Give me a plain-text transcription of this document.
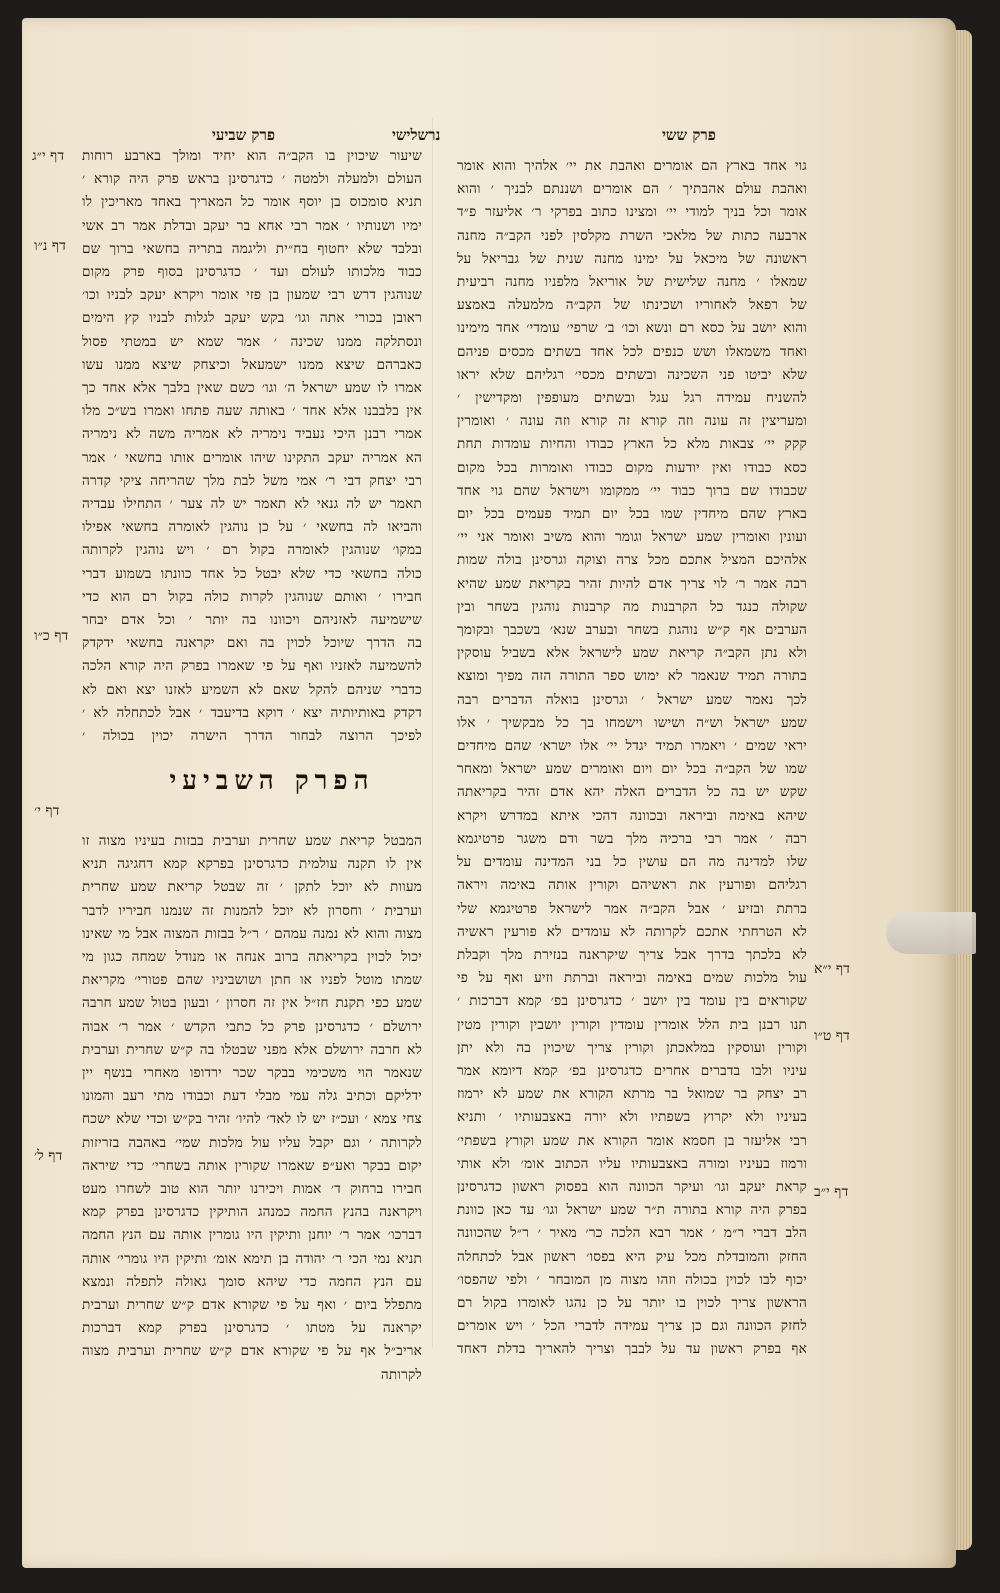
פרק ששי
נרשלישי
פרק שביעי
גוי אחד בארץ הם אומרים ואהבת את יי׳ אלהיך והוא אומר
ואהבת עולם אהבתיך ׳ הם אומרים ושננתם לבניך ׳ והוא
אומר וכל בניך למודי יי׳ ומצינו כתוב בפרקי ר׳ אליעזר פ״ד
ארבעה כתות של מלאכי השרת מקלסין לפני הקב״ה מחנה
ראשונה של מיכאל על ימינו מחנה שנית של גבריאל על
שמאלו ׳ מחנה שלישית של אוריאל מלפניו מחנה רביעית
של רפאל לאחוריו ושכינתו של הקב״ה מלמעלה באמצע
והוא יושב על כסא רם ונשא וכו׳ ב׳ שרפי׳ עומדי׳ אחד מימינו
ואחד משמאלו ושש כנפים לכל אחד בשתים מכסים פניהם
שלא יביטו פני השכינה ובשתים מכסי׳ רגליהם שלא יראו
להשניח עמידה רגל עגל ובשתים מעופפין ומקדישין ׳
ומעריצין זה עונה וזה קורא זה קורא וזה עונה ׳ ואומרין
קקק יי׳ צבאות מלא כל הארץ כבודו והחיות עומדות תחת
כסא כבודו ואין יודעות מקום כבודו ואומרות בכל מקום
שכבודו שם ברוך כבוד יי׳ ממקומו וישראל שהם גוי אחד
בארץ שהם מיחדין שמו בכל יום תמיד פעמים בכל יום
ועונין ואומרין שמע ישראל וגומר והוא משיב ואומר אני יי׳
אלהיכם המציל אתכם מכל צרה וצוקה וגרסינן בולה שמות
רבה אמר ר׳ לוי צריך אדם להיות זהיר בקריאת שמע שהיא
שקולה כנגד כל הקרבנות מה קרבנות נוהגין בשחר ובין
הערבים אף ק״ש נוהגת בשחר ובערב שנא׳ בשכבך ובקומך
ולא נתן הקב״ה קריאת שמע לישראל אלא בשביל עוסקין
בתורה תמיד שנאמר לא ימוש ספר התורה הזה מפיך ומוצא
לכך נאמר שמע ישראל ׳ וגרסינן בואלה הדברים רבה
שמע ישראל וש״ה ושישו וישמחו בך כל מבקשיך ׳ אלו
יראי שמים ׳ ויאמרו תמיד יגדל יי׳ אלו ישרא׳ שהם מיחדים
שמו של הקב״ה בכל יום ויום ואומרים שמע ישראל ומאחר
שקש יש בה כל הדברים האלה יהא אדם זהיר בקריאתה
שיהא באימה וביראה ובכוונה דהכי איתא במדרש ויקרא
רבה ׳ אמר רבי ברכיה מלך בשר ודם משגר פרטיגמא
שלו למדינה מה הם עושין כל בני המדינה עומדים על
רגליהם ופורעין את ראשיהם וקורין אותה באימה ויראה
ברתת ובזיע ׳ אבל הקב״ה אמר לישראל פרטיגמא שלי
לא הטרחתי אתכם לקרותה לא עומדים לא פורעין ראשיה
לא בלכתך בדרך אבל צריך שיקראנה בנזירת מלך וקבלת
עול מלכות שמים באימה וביראה וברתת וזיע ואף על פי
שקוראים בין עומד בין יושב ׳ כדגרסינן בפ׳ קמא דברכות ׳
תנו רבנן בית הלל אומרין עומדין וקורין יושבין וקורין מטין
וקורין ועוסקין במלאכתן וקורין צריך שיכוין בה ולא יתן
עיניו ולבו בדברים אחרים כדגרסינן בפ׳ קמא דיומא אמר
רב יצחק בר שמואל בר מרתא הקורא את שמע לא ירמוז
בעיניו ולא יקרוץ בשפתיו ולא יורה באצבעותיו ׳ ותניא
רבי אליעזר בן חסמא אומר הקורא את שמע וקורץ בשפתי׳
ורמוז בעיניו ומורה באצבעותיו עליו הכתוב אומ׳ ולא אותי
קראת יעקב וגו׳ ועיקר הכוונה הוא בפסוק ראשון כדגרסינן
בפרק היה קורא בתורה ת״ר שמע ישראל וגו׳ עד כאן כוונת
הלב דברי ר״מ ׳ אמר רבא הלכה כר׳ מאיר ׳ ר״ל שהכוונה
החזק והמובדלת מכל עיק היא בפסו׳ ראשון אבל לכתחלה
יכוף לבו לכוין בכולה וזהו מצוה מן המובחר ׳ ולפי שהפסו׳
הראשון צריך לכוין בו יותר על כן נהגו לאומרו בקול רם
לחזק הכוונה וגם כן צריך עמידה לדברי הכל ׳ ויש אומרים
אף בפרק ראשון עד על לבבך וצריך להאריך בדלת דאחד
שיעור שיכוין בו הקב״ה הוא יחיד ומולך בארבע רוחות
העולם ולמעלה ולמטה ׳ כדגרסינן בראש פרק היה קורא ׳
תניא סומכוס בן יוסף אומר כל המאריך באחד מאריכין לו
ימיו ושנותיו ׳ אמר רבי אחא בר יעקב ובדלת אמר רב אשי
ובלבד שלא יחטוף בח״ית וליגמה בתריה בחשאי ברוך שם
כבוד מלכותו לעולם ועד ׳ כדגרסינן בסוף פרק מקום
שנוהגין דרש רבי שמעון בן פזי אומר ויקרא יעקב לבניו וכו׳
ראובן בכורי אתה וגו׳ בקש יעקב לגלות לבניו קץ הימים
ונסתלקה ממנו שכינה ׳ אמר שמא יש במטתי פסול
כאברהם שיצא ממנו ישמעאל וכיצחק שיצא ממנו עשו
אמרו לו שמע ישראל ה׳ וגו׳ כשם שאין בלבך אלא אחד כך
אין בלבבנו אלא אחד ׳ באותה שעה פתחו ואמרו בש״כ מלו
אמרי רבנן היכי נעביד נימריה לא אמריה משה לא נימריה
הא אמריה יעקב התקינו שיהו אומרים אותו בחשאי ׳ אמר
רבי יצחק דבי ר׳ אמי משל לבת מלך שהריחה ציקי קדרה
תאמר יש לה גנאי לא תאמר יש לה צער ׳ התחילו עבדיה
והביאו לה בחשאי ׳ על כן נוהגין לאומרה בחשאי אפילו
במקו׳ שנוהגין לאומרה בקול רם ׳ ויש נוהגין לקרותה
כולה בחשאי כדי שלא יבטל כל אחד כוונתו בשמוע דברי
חבירו ׳ ואותם שנוהגין לקרות כולה בקול רם הוא כדי
שישמיעה לאזניהם ויכוונו בה יותר ׳ וכל אדם יבחר
בה הדרך שיוכל לכוין בה ואם יקראנה בחשאי ידקדק
להשמיעה לאזניו ואף על פי שאמרו בפרק היה קורא הלכה
כדברי שניהם להקל שאם לא השמיע לאזנו יצא ואם לא
דקדק באותיותיה יצא ׳ דוקא בדיעבד ׳ אבל לכתחלה לא ׳
לפיכך הרוצה לבחור הדרך הישרה יכוין בכולה ׳
הפרק השביעי
המבטל קריאת שמע שחרית וערבית בבזות בעיניו מצוה זו
אין לו תקנה עולמית כדגרסינן בפרקא קמא דחגיגה תניא
מעוות לא יוכל לתקן ׳ זה שבטל קריאת שמע שחרית
וערבית ׳ וחסרון לא יוכל להמנות זה שנמנו חביריו לדבר
מצוה והוא לא נמנה עמהם ׳ ר״ל בבזות המצוה אבל מי שאינו
יכול לכוין בקריאתה ברוב אנחה או מנודל שמחה כגון מי
שמתו מוטל לפניו או חתן ושושביניו שהם פטורי׳ מקריאת
שמע כפי תקנת חז״ל אין זה חסרון ׳ ובעון בטול שמע חרבה
ירושלם ׳ כדגרסינן פרק כל כתבי הקדש ׳ אמר ר׳ אבוה
לא חרבה ירושלם אלא מפני שבטלו בה ק״ש שחרית וערבית
שנאמר הוי משכימי בבקר שכר ירדופו מאחרי בנשף יין
ידליקם וכתיב גלה עמי מבלי דעת וכבודו מתי רעב והמונו
צחי צמא ׳ ועכ״ז יש לו לאד׳ להיו׳ זהיר בק״ש וכדי שלא ישכח
לקרותה ׳ וגם יקבל עליו עול מלכות שמי׳ באהבה בזריזות
יקום בבקר ואע״פ שאמרו שקורין אותה בשחרי׳ כדי שיראה
חבירו ברחוק ד׳ אמות ויכירנו יותר הוא טוב לשחרו מעט
ויקראנה בהנץ החמה כמנהג הותיקין כדגרסינן בפרק קמא
דברכו׳ אמר ר׳ יוחנן ותיקין היו גומרין אותה עם הנץ החמה
תניא נמי הכי ר׳ יהודה בן תימא אומ׳ ותיקין היו גומרי׳ אותה
עם הנץ החמה כדי שיהא סומך גאולה לתפלה ונמצא
מתפלל ביום ׳ ואף על פי שקורא אדם ק״ש שחרית וערבית
יקראנה על מטתו ׳ כדגרסינן בפרק קמא דברכות
אריב״ל אף על פי שקורא אדם ק״ש שחרית וערבית מצוה
לקרותה
דף י״ג
דף נ״ו
דף כ״ו
דף י׳
דף ל׳
דף י״א
דף ט״ו
דף י״ב
